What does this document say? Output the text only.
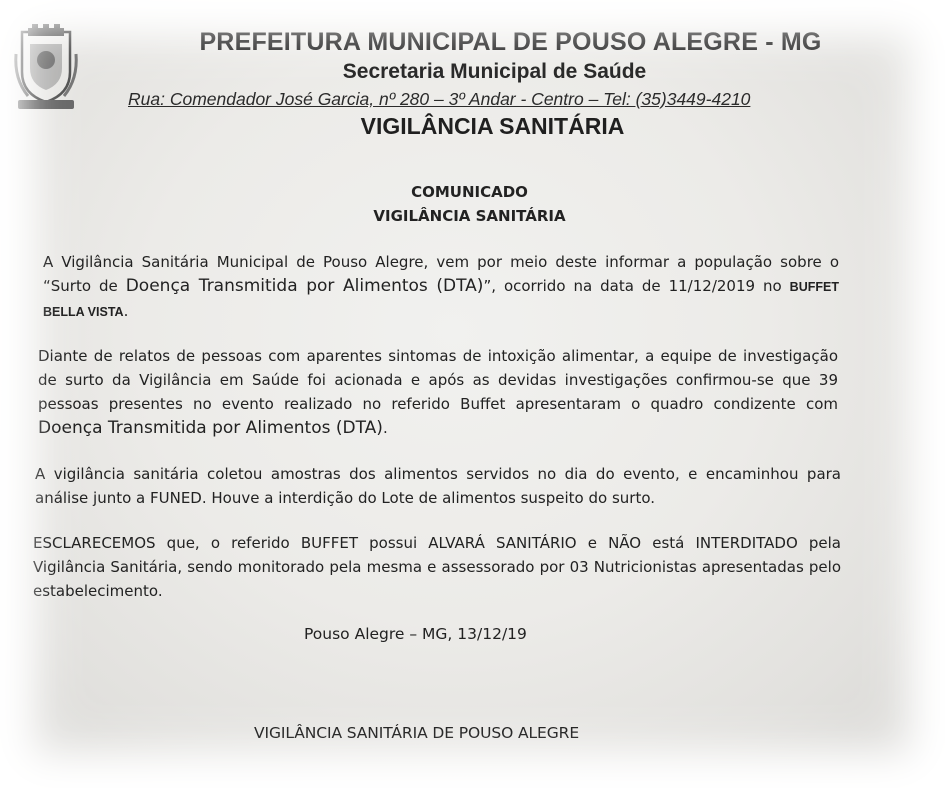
PREFEITURA MUNICIPAL DE POUSO ALEGRE - MG
Secretaria Municipal de Saúde
Rua: Comendador José Garcia, nº 280 – 3º Andar - Centro – Tel: (35)3449-4210
VIGILÂNCIA SANITÁRIA
COMUNICADO
VIGILÂNCIA SANITÁRIA
A Vigilância Sanitária Municipal de Pouso Alegre, vem por meio deste informar a população sobre o “Surto de Doença Transmitida por Alimentos (DTA)”, ocorrido na data de 11/12/2019 no BUFFET BELLA VISTA.
Diante de relatos de pessoas com aparentes sintomas de intoxição alimentar, a equipe de investigação de surto da Vigilância em Saúde foi acionada e após as devidas investigações confirmou-se que 39 pessoas presentes no evento realizado no referido Buffet apresentaram o quadro condizente com Doença Transmitida por Alimentos (DTA).
A vigilância sanitária coletou amostras dos alimentos servidos no dia do evento, e encaminhou para análise junto a FUNED. Houve a interdição do Lote de alimentos suspeito do surto.
ESCLARECEMOS que, o referido BUFFET possui ALVARÁ SANITÁRIO e NÃO está INTERDITADO pela Vigilância Sanitária, sendo monitorado pela mesma e assessorado por 03 Nutricionistas apresentadas pelo estabelecimento.
Pouso Alegre – MG, 13/12/19
VIGILÂNCIA SANITÁRIA DE POUSO ALEGRE
